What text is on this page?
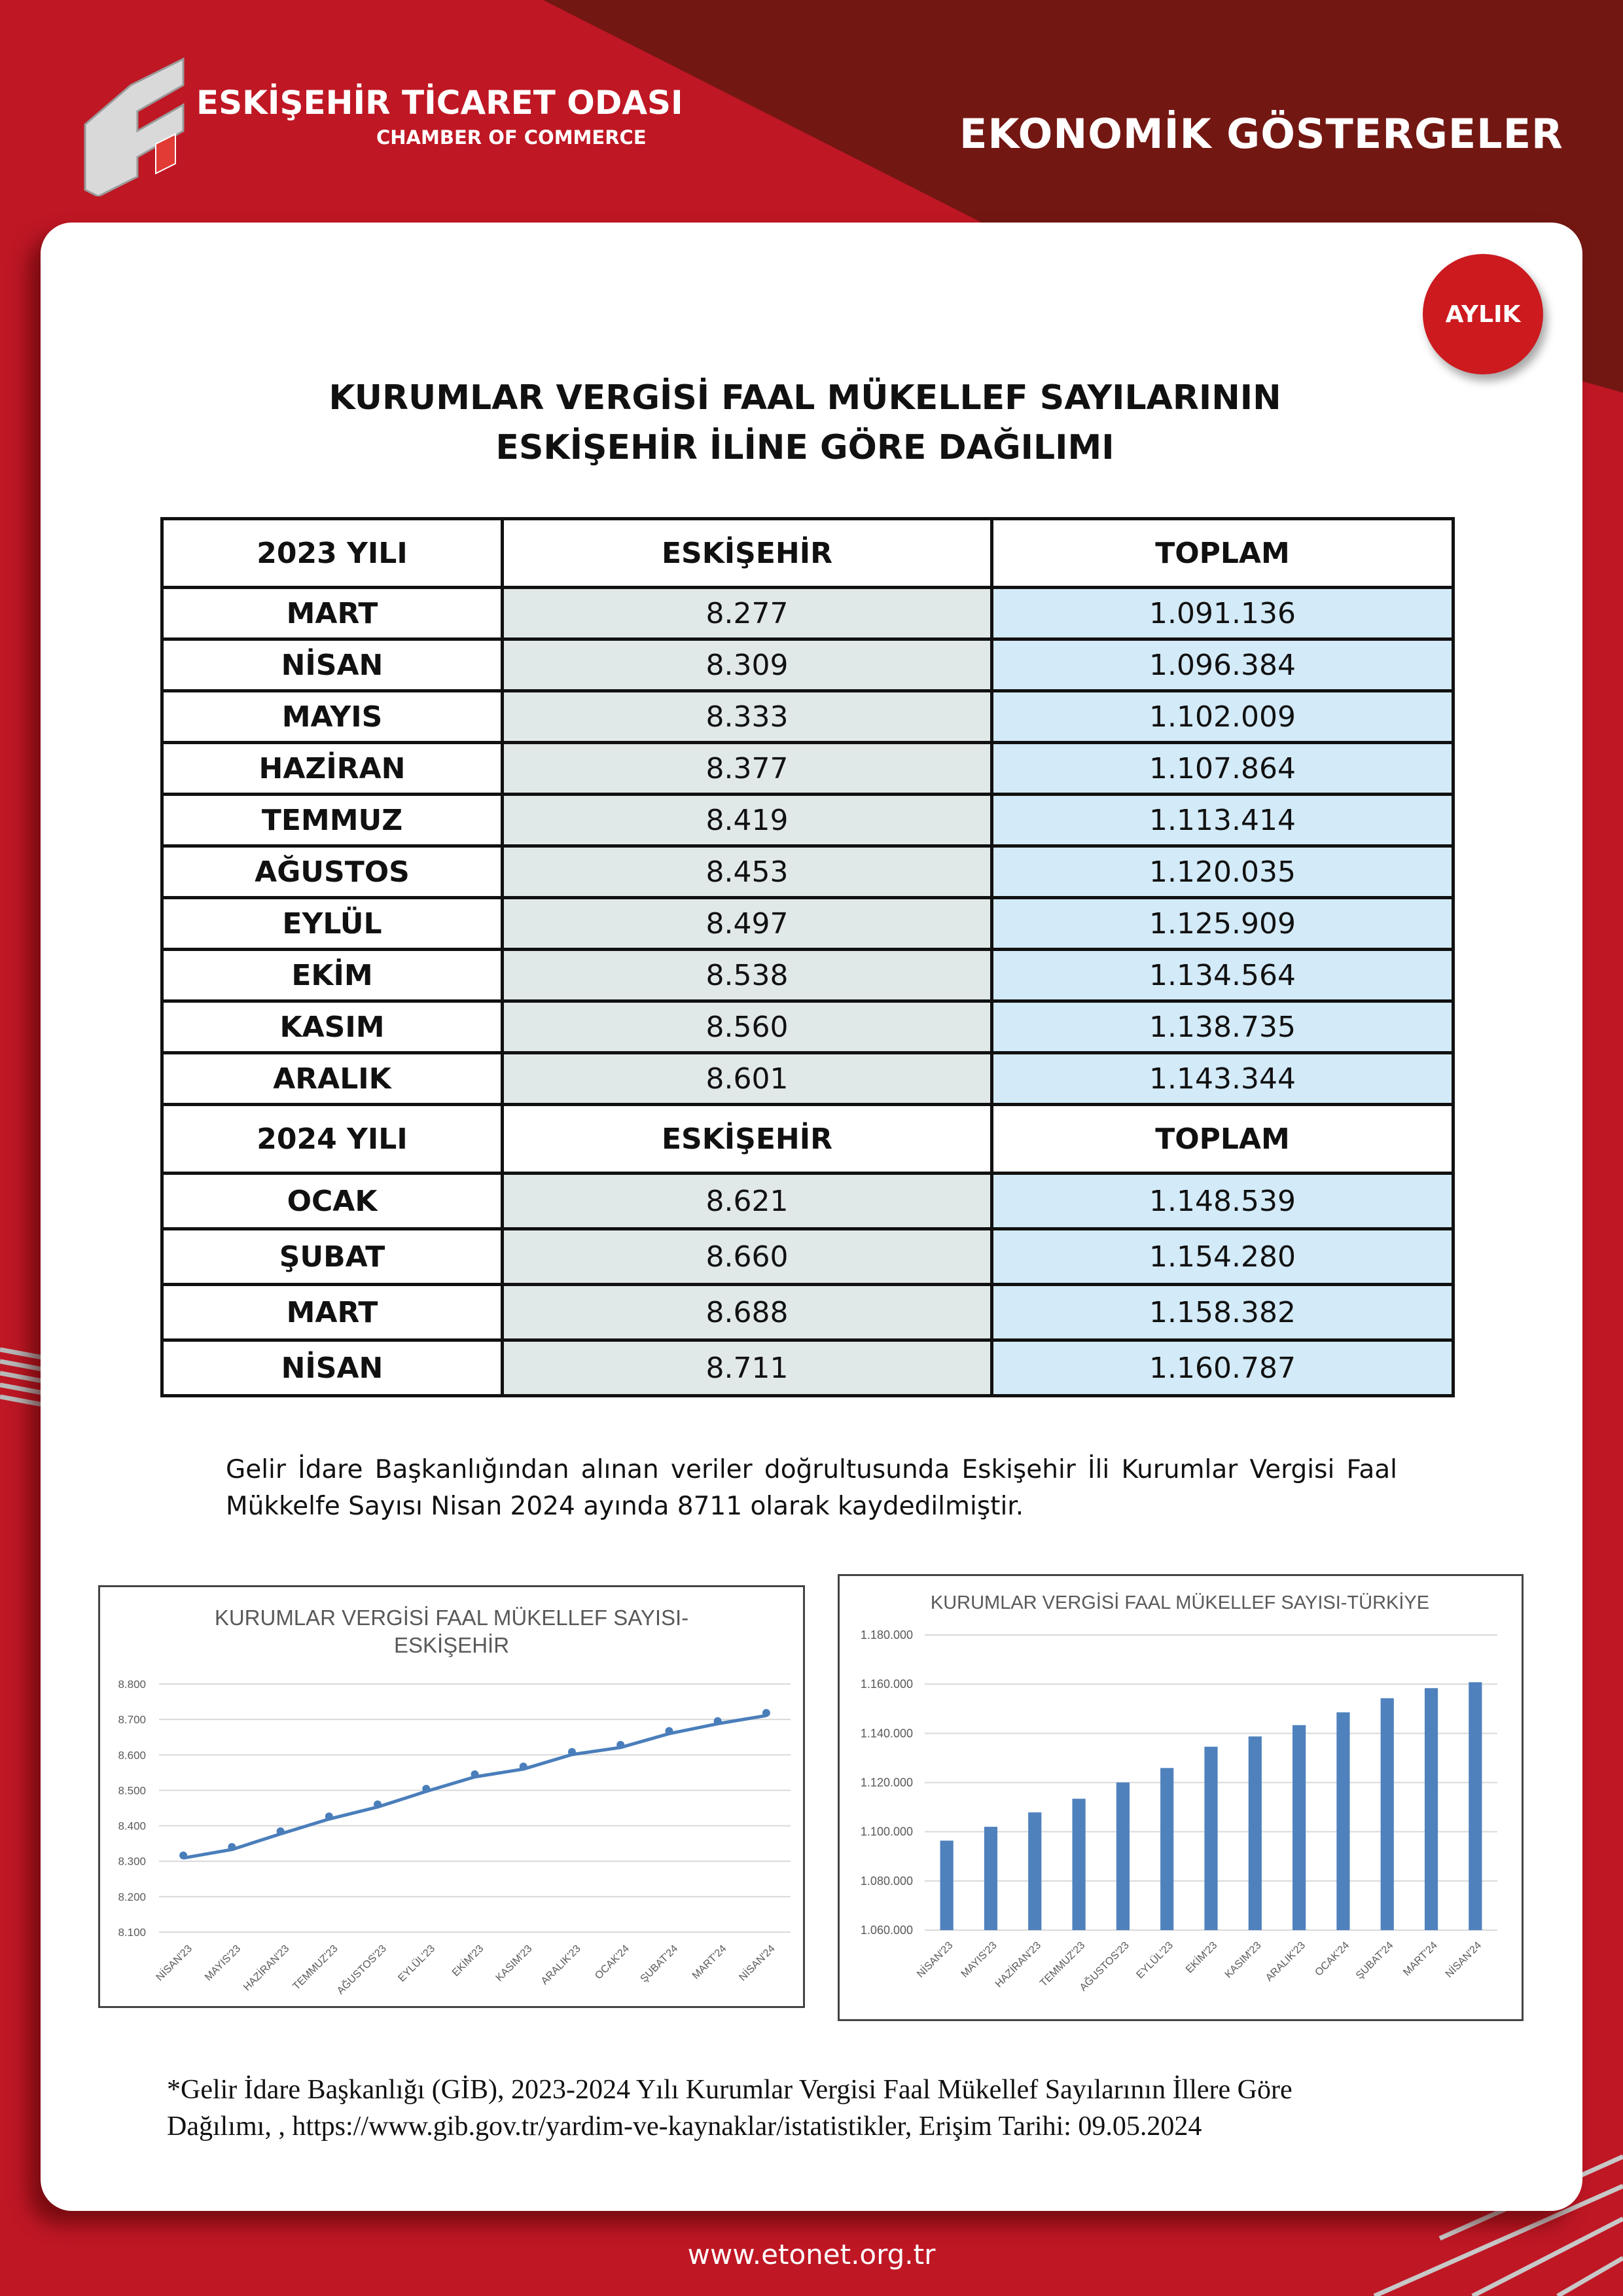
ESKİŞEHİR TİCARET ODASI
CHAMBER OF COMMERCE	EKONOMİK GÖSTERGELER
AYLIK
KURUMLAR VERGİSİ FAAL MÜKELLEF SAYILARININ
ESKİŞEHİR İLİNE GÖRE DAĞILIMI
2023 YILI	ESKİŞEHİR	TOPLAM
MART	8.277	1.091.136
NİSAN	8.309	1.096.384
MAYIS	8.333	1.102.009
HAZİRAN	8.377	1.107.864
TEMMUZ	8.419	1.113.414
AĞUSTOS	8.453	1.120.035
EYLÜL	8.497	1.125.909
EKİM	8.538	1.134.564
KASIM	8.560	1.138.735
ARALIK	8.601	1.143.344
2024 YILI	ESKİŞEHİR	TOPLAM
OCAK	8.621	1.148.539
ŞUBAT	8.660	1.154.280
MART	8.688	1.158.382
NİSAN	8.711	1.160.787
Gelir İdare Başkanlığından alınan veriler doğrultusunda Eskişehir İli Kurumlar Vergisi Faal Mükkelfe Sayısı Nisan 2024 ayında 8711 olarak kaydedilmiştir.
KURUMLAR VERGİSİ FAAL MÜKELLEF SAYISI-
ESKİŞEHİR
8.100
8.200
8.300
8.400
8.500
8.600
8.700
8.800
NİSAN'23 MAYIS'23
HAZİRAN'23 TEMMUZ'23
AĞUSTOS'23 EYLÜL'23 EKİM'23 KASIM'23 ARALIK'23 OCAK'24 ŞUBAT'24 MART'24 NİSAN'24
KURUMLAR VERGİSİ FAAL MÜKELLEF SAYISI-TÜRKİYE
1.060.000
1.080.000
1.100.000
1.120.000
1.140.000
1.160.000
1.180.000
NİSAN'23 MAYIS'23
HAZİRAN'23
TEMMUZ'23
AĞUSTOS'23 EYLÜL'23 EKİM'23 KASIM'23 ARALIK'23 OCAK'24 ŞUBAT'24 MART'24 NİSAN'24
*Gelir İdare Başkanlığı (GİB), 2023-2024 Yılı Kurumlar Vergisi Faal Mükellef Sayılarının İllere Göre
Dağılımı, , https://www.gib.gov.tr/yardim-ve-kaynaklar/istatistikler, Erişim Tarihi: 09.05.2024
www.etonet.org.tr
